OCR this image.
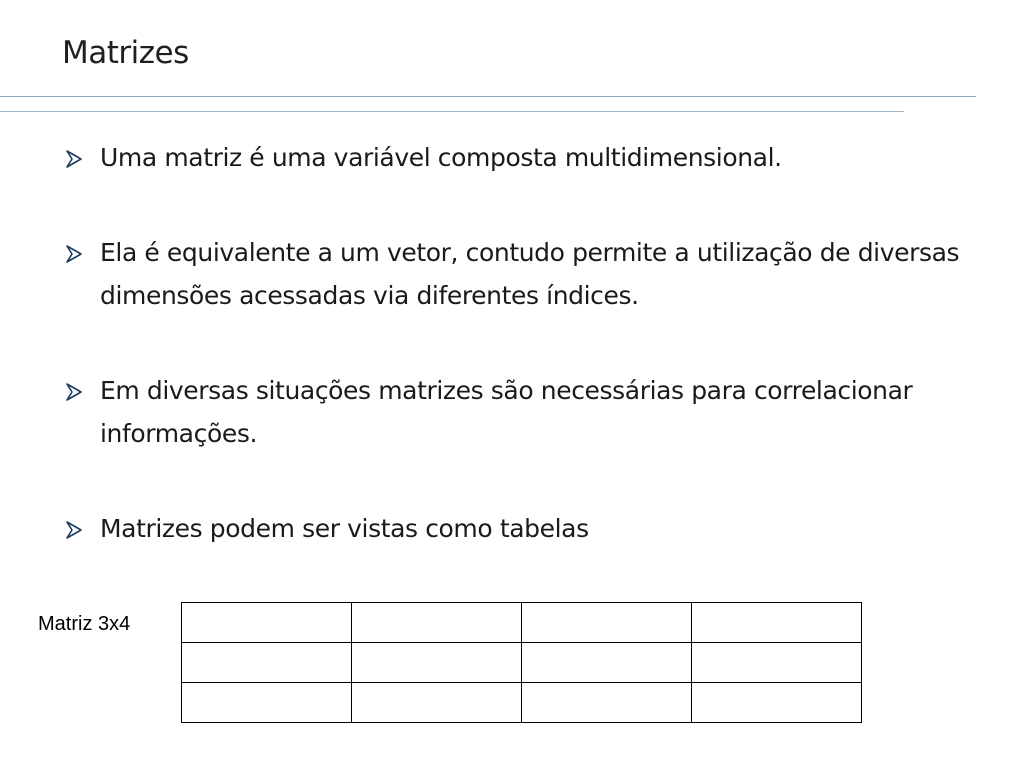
Matrizes
Uma matriz é uma variável composta multidimensional.
Ela é equivalente a um vetor, contudo permite a utilização de diversas dimensões acessadas via diferentes índices.
Em diversas situações matrizes são necessárias para correlacionar informações.
Matrizes podem ser vistas como tabelas
Matriz 3x4
